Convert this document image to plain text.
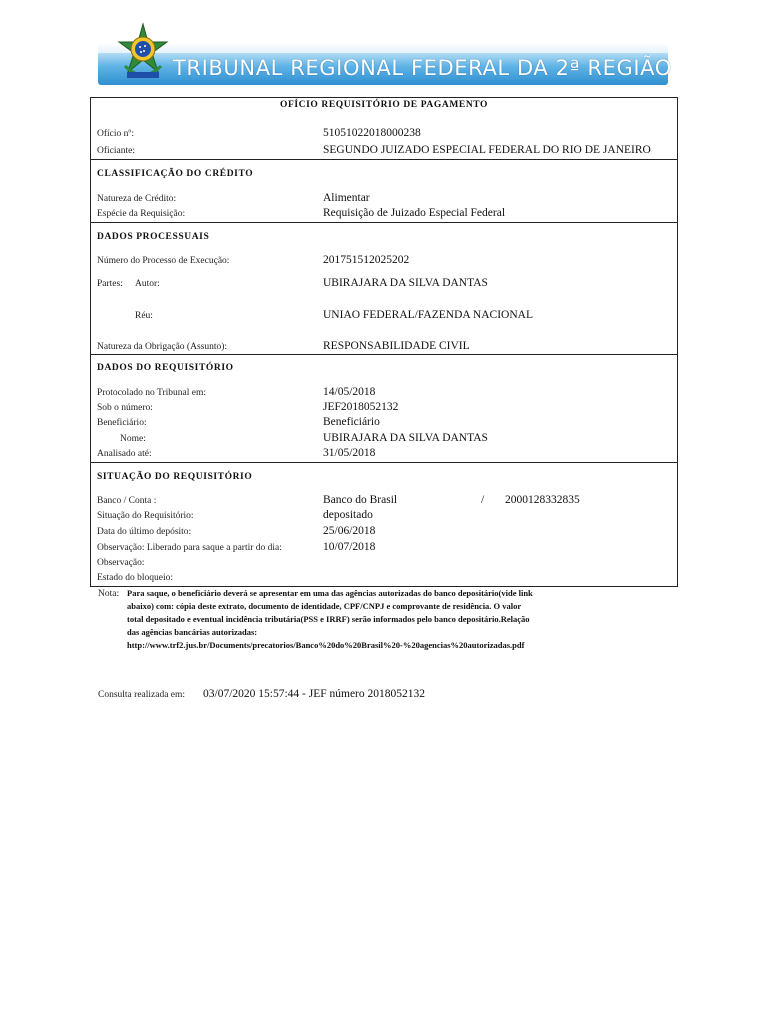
TRIBUNAL REGIONAL FEDERAL DA 2ª REGIÃO
OFÍCIO REQUISITÓRIO DE PAGAMENTO
Ofício nº:	51051022018000238
Oficiante:	SEGUNDO JUIZADO ESPECIAL FEDERAL DO RIO DE JANEIRO
CLASSIFICAÇÃO DO CRÉDITO
Natureza de Crédito:	Alimentar
Espécie da Requisição:	Requisição de Juizado Especial Federal
DADOS PROCESSUAIS
Número do Processo de Execução:	201751512025202
Partes: Autor:	UBIRAJARA DA SILVA DANTAS
Réu:	UNIAO FEDERAL/FAZENDA NACIONAL
Natureza da Obrigação (Assunto):	RESPONSABILIDADE CIVIL
DADOS DO REQUISITÓRIO
Protocolado no Tribunal em:	14/05/2018
Sob o número:	JEF2018052132
Beneficiário:	Beneficiário
Nome:	UBIRAJARA DA SILVA DANTAS
Analisado até:	31/05/2018
SITUAÇÃO DO REQUISITÓRIO
Banco / Conta :	Banco do Brasil	/ 2000128332835
Situação do Requisitório:	depositado
Data do último depósito:	25/06/2018
Observação: Liberado para saque a partir do dia:	10/07/2018
Observação:
Estado do bloqueio:
Nota: Para saque, o beneficiário deverá se apresentar em uma das agências autorizadas do banco depositário(vide link
abaixo) com: cópia deste extrato, documento de identidade, CPF/CNPJ e comprovante de residência. O valor
total depositado e eventual incidência tributária(PSS e IRRF) serão informados pelo banco depositário.Relação
das agências bancárias autorizadas:
http://www.trf2.jus.br/Documents/precatorios/Banco%20do%20Brasil%20-%20agencias%20autorizadas.pdf
Consulta realizada em: 03/07/2020 15:57:44 - JEF número 2018052132
